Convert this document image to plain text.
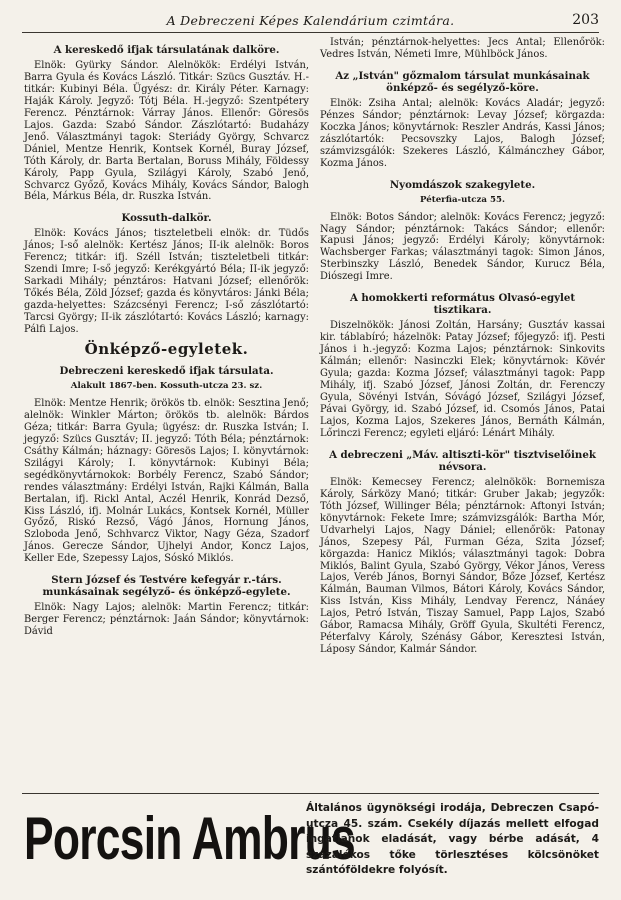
A Debreczeni Képes Kalendárium czimtára.	203
A kereskedő ifjak társulatának dalköre.

Elnök: Gyürky Sándor. Alelnökök: Erdélyi István, Barra Gyula és Kovács László. Titkár: Szücs Gusztáv. H.-titkár: Kubinyi Béla. Ügyész: dr. Király Péter. Karnagy: Haják Károly. Jegyző: Tótj Béla. H.-jegyző: Szentpétery Ferencz. Pénztárnok: Várray János. Ellenőr: Göresös Lajos. Gazda: Szabó Sándor. Zászlótartó: Budaházy Jenő. Választmányi tagok: Steriády György, Schvarcz Dániel, Mentze Henrik, Kontsek Kornél, Buray József, Tóth Károly, dr. Barta Bertalan, Boruss Mihály, Földessy Károly, Papp Gyula, Szilágyi Károly, Szabó Jenő, Schvarcz Győző, Kovács Mihály, Kovács Sándor, Balogh Béla, Márkus Béla, dr. Ruszka István.

Kossuth-dalkör.

Elnök: Kovács János; tiszteletbeli elnök: dr. Tüdős János; I-ső alelnök: Kertész János; II-ik alelnök: Boros Ferencz; titkár: ifj. Széll István; tiszteletbeli titkár: Szendi Imre; I-ső jegyző: Kerékgyártó Béla; II-ik jegyző: Sarkadi Mihály; pénztáros: Hatvani József; ellenőrök: Tőkés Béla, Zöld József; gazda és könyvtáros: Jánki Béla; gazda-helyettes: Százcsényi Ferencz; I-ső zászlótartó: Tarcsi György; II-ik zászlótartó: Kovács László; karnagy: Pálfi Lajos.

Önképző-egyletek.
Debreczeni kereskedő ifjak társulata.
Alakult 1867-ben. Kossuth-utcza 23. sz.

Elnök: Mentze Henrik; örökös tb. elnök: Sesztina Jenő; alelnök: Winkler Márton; örökös tb. alelnök: Bárdos Géza; titkár: Barra Gyula; ügyész: dr. Ruszka István; I. jegyző: Szücs Gusztáv; II. jegyző: Tóth Béla; pénztárnok: Csáthy Kálmán; háznagy: Göresös Lajos; I. könyvtárnok: Szilágyi Károly; I. könyvtárnok: Kubinyi Béla; segédkönyvtárnokok: Borbély Ferencz, Szabó Sándor; rendes választmány: Erdélyi István, Rajki Kálmán, Balla Bertalan, ifj. Rickl Antal, Aczél Henrik, Konrád Dezső, Kiss László, ifj. Molnár Lukács, Kontsek Kornél, Müller Győző, Riskó Rezső, Vágó János, Hornung János, Szloboda Jenő, Schhvarcz Viktor, Nagy Géza, Szadorf János. Gerecze Sándor, Ujhelyi Andor, Koncz Lajos, Keller Ede, Szepessy Lajos, Sóskó Miklós.

Stern József és Testvére kefegyár r.-társ. munkásainak segélyző- és önképző-egylete.

Elnök: Nagy Lajos; alelnök: Martin Ferencz; titkár: Berger Ferencz; pénztárnok: Jaán Sándor; könyvtárnok: Dávid

István; pénztárnok-helyettes: Jecs Antal; Ellenőrök: Vedres István, Németi Imre, Mühlböck János.

Az „István" gőzmalom társulat munkásainak önképző- és segélyző-köre.

Elnök: Zsiha Antal; alelnök: Kovács Aladár; jegyző: Pénzes Sándor; pénztárnok: Levay József; körgazda: Koczka János; könyvtárnok: Reszler András, Kassi János; zászlótartók: Pecsovszky Lajos, Balogh József; számvizsgálók: Szekeres László, Kálmánczhey Gábor, Kozma János.

Nyomdászok szakegylete.
Péterfia-utcza 55.

Elnök: Botos Sándor; alelnök: Kovács Ferencz; jegyző: Nagy Sándor; pénztárnok: Takács Sándor; ellenőr: Kapusi János; jegyző: Erdélyi Károly; könyvtárnok: Wachsberger Farkas; választmányi tagok: Simon János, Sterbinszky László, Benedek Sándor, Kurucz Béla, Diószegi Imre.

A homokkerti református Olvasó-egylet tisztikara.

Diszelnökök: Jánosi Zoltán, Harsány; Gusztáv kassai kir. táblabíró; házelnök: Patay József; főjegyző: ifj. Pesti János i h.-jegyző: Kozma Lajos; pénztárnok: Sinkovits Kálmán; ellenőr: Nasinczki Elek; könyvtárnok: Kövér Gyula; gazda: Kozma József; választmányi tagok: Papp Mihály, ifj. Szabó József, Jánosi Zoltán, dr. Ferenczy Gyula, Sövényi István, Sóvágó József, Szilágyi József, Pávai György, id. Szabó József, id. Csomós János, Patai Lajos, Kozma Lajos, Szekeres János, Bernáth Kálmán, Lőrinczi Ferencz; egyleti eljáró: Lénárt Mihály.

A debreczeni „Máv. altiszti-kör" tisztviselőinek névsora.

Elnök: Kemecsey Ferencz; alelnökök: Bornemisza Károly, Sárközy Manó; titkár: Gruber Jakab; jegyzők: Tóth József, Willinger Béla; pénztárnok: Aftonyi István; könyvtárnok: Fekete Imre; számvizsgálók: Bartha Mór, Udvarhelyi Lajos, Nagy Dániel; ellenőrök: Patonay János, Szepesy Pál, Furman Géza, Szita József; körgazda: Hanicz Miklós; választmányi tagok: Dobra Miklós, Balint Gyula, Szabó György, Vékor János, Veress Lajos, Veréb János, Bornyi Sándor, Bőze József, Kertész Kálmán, Bauman Vilmos, Bátori Károly, Kovács Sándor, Kiss István, Kiss Mihály, Lendvay Ferencz, Nánáey Lajos, Petró István, Tiszay Samuel, Papp Lajos, Szabó Gábor, Ramacsa Mihály, Gröff Gyula, Skultéti Ferencz, Péterfalvy Károly, Szénásy Gábor, Keresztesi István, Láposy Sándor, Kalmár Sándor.

Porcsin Ambrus
Általános ügynökségi irodája, Debreczen Csapó-utcza 45. szám. Csekély díjazás mellett elfogad ingatlanok eladását, vagy bérbe adását, 4 százalékos tőke törlesztéses kölcsönöket szántóföldekre folyósít.
